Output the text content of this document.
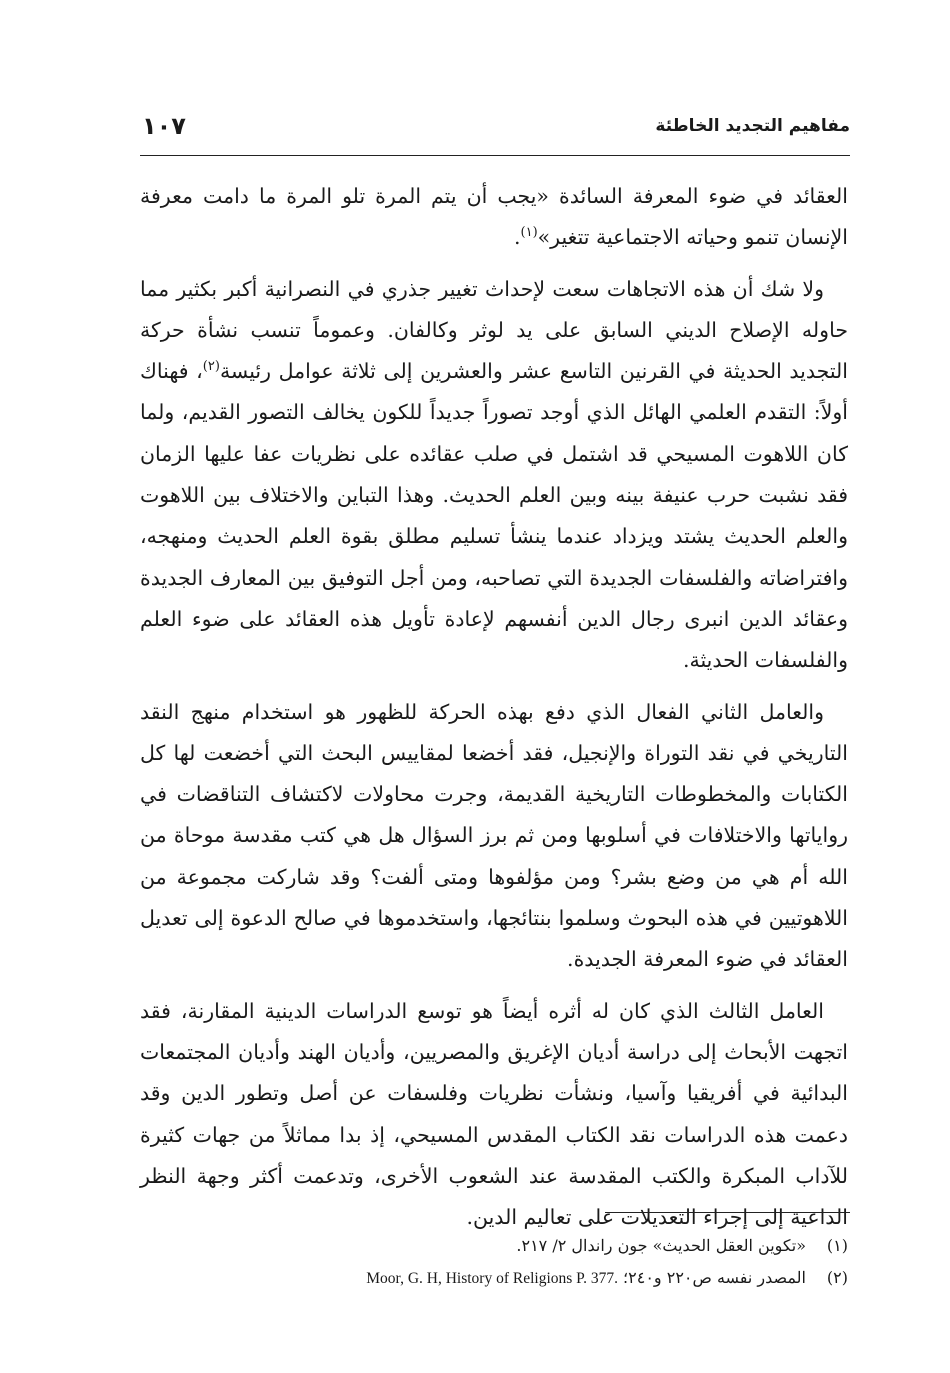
مفاهيم التجديد الخاطئة
١٠٧

العقائد في ضوء المعرفة السائدة «يجب أن يتم المرة تلو المرة ما دامت معرفة الإنسان تنمو وحياته الاجتماعية تتغير»$^{(١)}$.

ولا شك أن هذه الاتجاهات سعت لإحداث تغيير جذري في النصرانية أكبر بكثير مما حاوله الإصلاح الديني السابق على يد لوثر وكالفان. وعموماً تنسب نشأة حركة التجديد الحديثة في القرنين التاسع عشر والعشرين إلى ثلاثة عوامل رئيسة$^{(٢)}$، فهناك أولاً: التقدم العلمي الهائل الذي أوجد تصوراً جديداً للكون يخالف التصور القديم، ولما كان اللاهوت المسيحي قد اشتمل في صلب عقائده على نظريات عفا عليها الزمان فقد نشبت حرب عنيفة بينه وبين العلم الحديث. وهذا التباين والاختلاف بين اللاهوت والعلم الحديث يشتد ويزداد عندما ينشأ تسليم مطلق بقوة العلم الحديث ومنهجه، وافتراضاته والفلسفات الجديدة التي تصاحبه، ومن أجل التوفيق بين المعارف الجديدة وعقائد الدين انبرى رجال الدين أنفسهم لإعادة تأويل هذه العقائد على ضوء العلم والفلسفات الحديثة.

والعامل الثاني الفعال الذي دفع بهذه الحركة للظهور هو استخدام منهج النقد التاريخي في نقد التوراة والإنجيل، فقد أخضعا لمقاييس البحث التي أخضعت لها كل الكتابات والمخطوطات التاريخية القديمة، وجرت محاولات لاكتشاف التناقضات في رواياتها والاختلافات في أسلوبها ومن ثم برز السؤال هل هي كتب مقدسة موحاة من الله أم هي من وضع بشر؟ ومن مؤلفوها ومتى ألفت؟ وقد شاركت مجموعة من اللاهوتيين في هذه البحوث وسلموا بنتائجها، واستخدموها في صالح الدعوة إلى تعديل العقائد في ضوء المعرفة الجديدة.

العامل الثالث الذي كان له أثره أيضاً هو توسع الدراسات الدينية المقارنة، فقد اتجهت الأبحاث إلى دراسة أديان الإغريق والمصريين، وأديان الهند وأديان المجتمعات البدائية في أفريقيا وآسيا، ونشأت نظريات وفلسفات عن أصل وتطور الدين وقد دعمت هذه الدراسات نقد الكتاب المقدس المسيحي، إذ بدا مماثلاً من جهات كثيرة للآداب المبكرة والكتب المقدسة عند الشعوب الأخرى، وتدعمت أكثر وجهة النظر الداعية إلى إجراء التعديلات على تعاليم الدين.

(١)«تكوين العقل الحديث» جون راندال ٢/ ٢١٧.
(٢)المصدر نفسه ص٢٢٠ و٢٤٠؛ Moor, G. H, History of Religions P. 377.
